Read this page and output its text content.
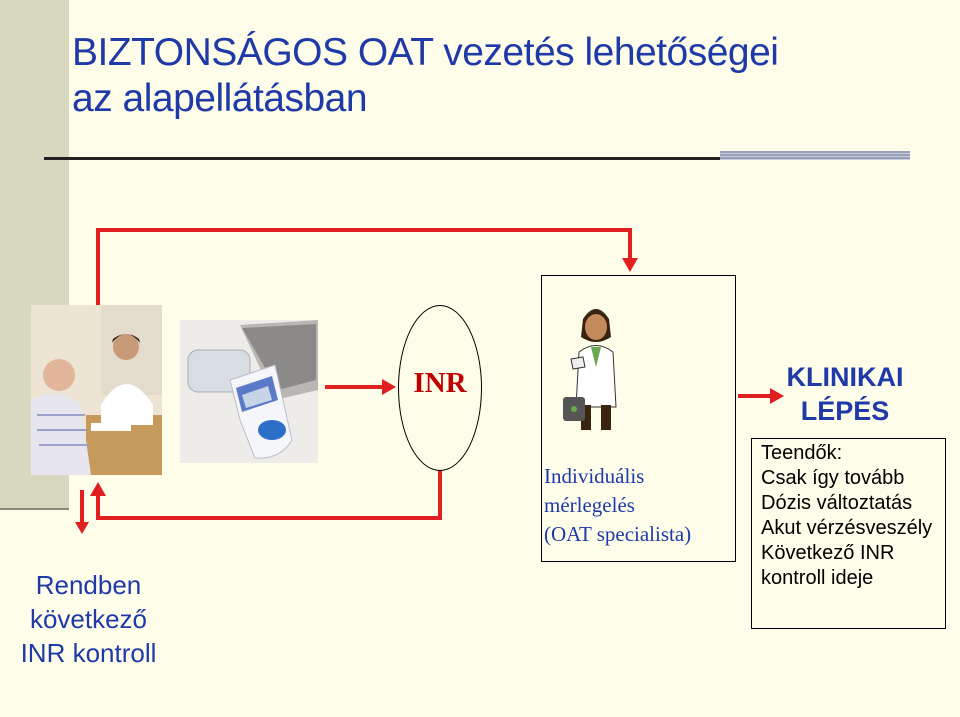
BIZTONSÁGOS OAT vezetés lehetőségei
az alapellátásban
INR
Individuális
mérlegelés
(OAT specialista)
KLINIKAI
LÉPÉS
Teendők:
Csak így tovább
Dózis változtatás
Akut vérzésveszély
Következő INR
kontroll ideje
Rendben
következő
INR kontroll
